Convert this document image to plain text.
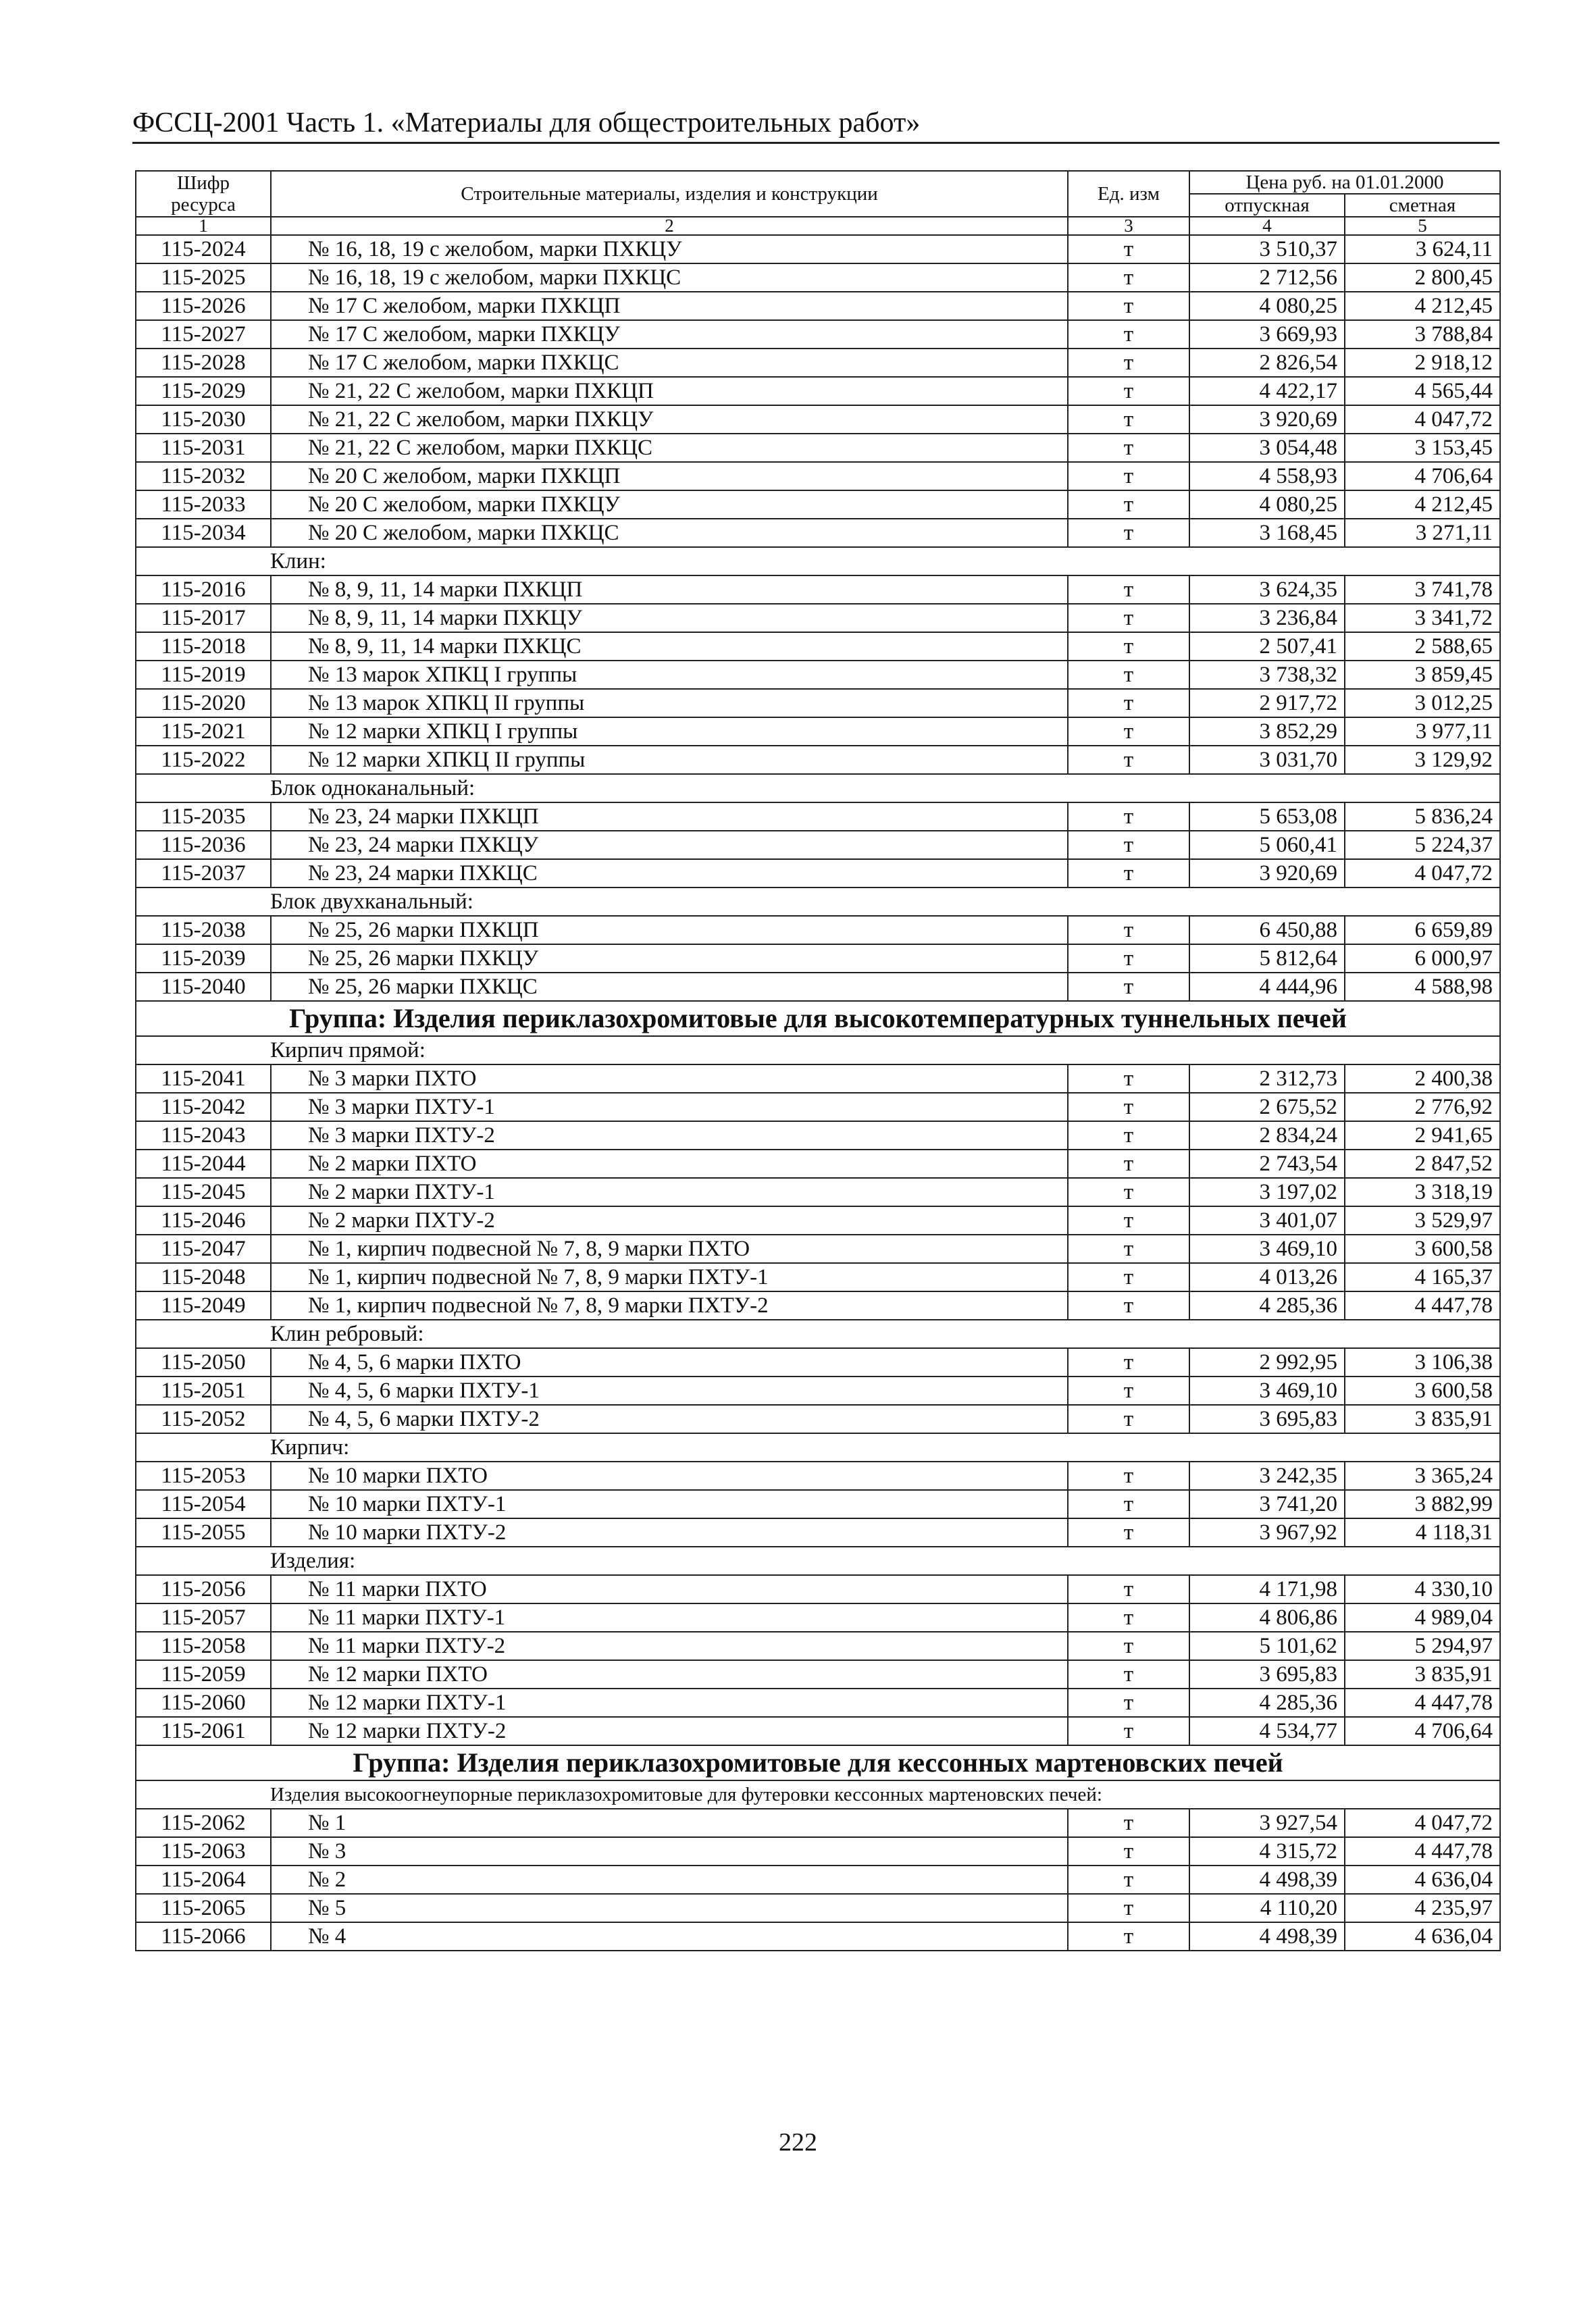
ФССЦ-2001 Часть 1. «Материалы для общестроительных работ»
Шифр ресурса	Строительные материалы, изделия и конструкции	Ед. изм	Цена руб. на 01.01.2000	
			отпускная	сметная
1	2	3	4	5
115-2024	№ 16, 18, 19 с желобом, марки ПХКЦУ	т	3 510,37	3 624,11
115-2025	№ 16, 18, 19 с желобом, марки ПХКЦС	т	2 712,56	2 800,45
115-2026	№ 17 С желобом, марки ПХКЦП	т	4 080,25	4 212,45
115-2027	№ 17 С желобом, марки ПХКЦУ	т	3 669,93	3 788,84
115-2028	№ 17 С желобом, марки ПХКЦС	т	2 826,54	2 918,12
115-2029	№ 21, 22 С желобом, марки ПХКЦП	т	4 422,17	4 565,44
115-2030	№ 21, 22 С желобом, марки ПХКЦУ	т	3 920,69	4 047,72
115-2031	№ 21, 22 С желобом, марки ПХКЦС	т	3 054,48	3 153,45
115-2032	№ 20 С желобом, марки ПХКЦП	т	4 558,93	4 706,64
115-2033	№ 20 С желобом, марки ПХКЦУ	т	4 080,25	4 212,45
115-2034	№ 20 С желобом, марки ПХКЦС	т	3 168,45	3 271,11
Клин:				
115-2016	№ 8, 9, 11, 14 марки ПХКЦП	т	3 624,35	3 741,78
115-2017	№ 8, 9, 11, 14 марки ПХКЦУ	т	3 236,84	3 341,72
115-2018	№ 8, 9, 11, 14 марки ПХКЦС	т	2 507,41	2 588,65
115-2019	№ 13 марок ХПКЦ I группы	т	3 738,32	3 859,45
115-2020	№ 13 марок ХПКЦ II группы	т	2 917,72	3 012,25
115-2021	№ 12 марки ХПКЦ I группы	т	3 852,29	3 977,11
115-2022	№ 12 марки ХПКЦ II группы	т	3 031,70	3 129,92
Блок одноканальный:				
115-2035	№ 23, 24 марки ПХКЦП	т	5 653,08	5 836,24
115-2036	№ 23, 24 марки ПХКЦУ	т	5 060,41	5 224,37
115-2037	№ 23, 24 марки ПХКЦС	т	3 920,69	4 047,72
Блок двухканальный:				
115-2038	№ 25, 26 марки ПХКЦП	т	6 450,88	6 659,89
115-2039	№ 25, 26 марки ПХКЦУ	т	5 812,64	6 000,97
115-2040	№ 25, 26 марки ПХКЦС	т	4 444,96	4 588,98
Группа: Изделия периклазохромитовые для высокотемпературных туннельных печей				
Кирпич прямой:				
115-2041	№ 3 марки ПХТО	т	2 312,73	2 400,38
115-2042	№ 3 марки ПХТУ-1	т	2 675,52	2 776,92
115-2043	№ 3 марки ПХТУ-2	т	2 834,24	2 941,65
115-2044	№ 2 марки ПХТО	т	2 743,54	2 847,52
115-2045	№ 2 марки ПХТУ-1	т	3 197,02	3 318,19
115-2046	№ 2 марки ПХТУ-2	т	3 401,07	3 529,97
115-2047	№ 1, кирпич подвесной № 7, 8, 9 марки ПХТО	т	3 469,10	3 600,58
115-2048	№ 1, кирпич подвесной № 7, 8, 9 марки ПХТУ-1	т	4 013,26	4 165,37
115-2049	№ 1, кирпич подвесной № 7, 8, 9 марки ПХТУ-2	т	4 285,36	4 447,78
Клин ребровый:				
115-2050	№ 4, 5, 6 марки ПХТО	т	2 992,95	3 106,38
115-2051	№ 4, 5, 6 марки ПХТУ-1	т	3 469,10	3 600,58
115-2052	№ 4, 5, 6 марки ПХТУ-2	т	3 695,83	3 835,91
Кирпич:				
115-2053	№ 10 марки ПХТО	т	3 242,35	3 365,24
115-2054	№ 10 марки ПХТУ-1	т	3 741,20	3 882,99
115-2055	№ 10 марки ПХТУ-2	т	3 967,92	4 118,31
Изделия:				
115-2056	№ 11 марки ПХТО	т	4 171,98	4 330,10
115-2057	№ 11 марки ПХТУ-1	т	4 806,86	4 989,04
115-2058	№ 11 марки ПХТУ-2	т	5 101,62	5 294,97
115-2059	№ 12 марки ПХТО	т	3 695,83	3 835,91
115-2060	№ 12 марки ПХТУ-1	т	4 285,36	4 447,78
115-2061	№ 12 марки ПХТУ-2	т	4 534,77	4 706,64
Группа: Изделия периклазохромитовые для кессонных мартеновских печей				
Изделия высокоогнеупорные периклазохромитовые для футеровки кессонных мартеновских печей:				
115-2062	№ 1	т	3 927,54	4 047,72
115-2063	№ 3	т	4 315,72	4 447,78
115-2064	№ 2	т	4 498,39	4 636,04
115-2065	№ 5	т	4 110,20	4 235,97
115-2066	№ 4	т	4 498,39	4 636,04
222
